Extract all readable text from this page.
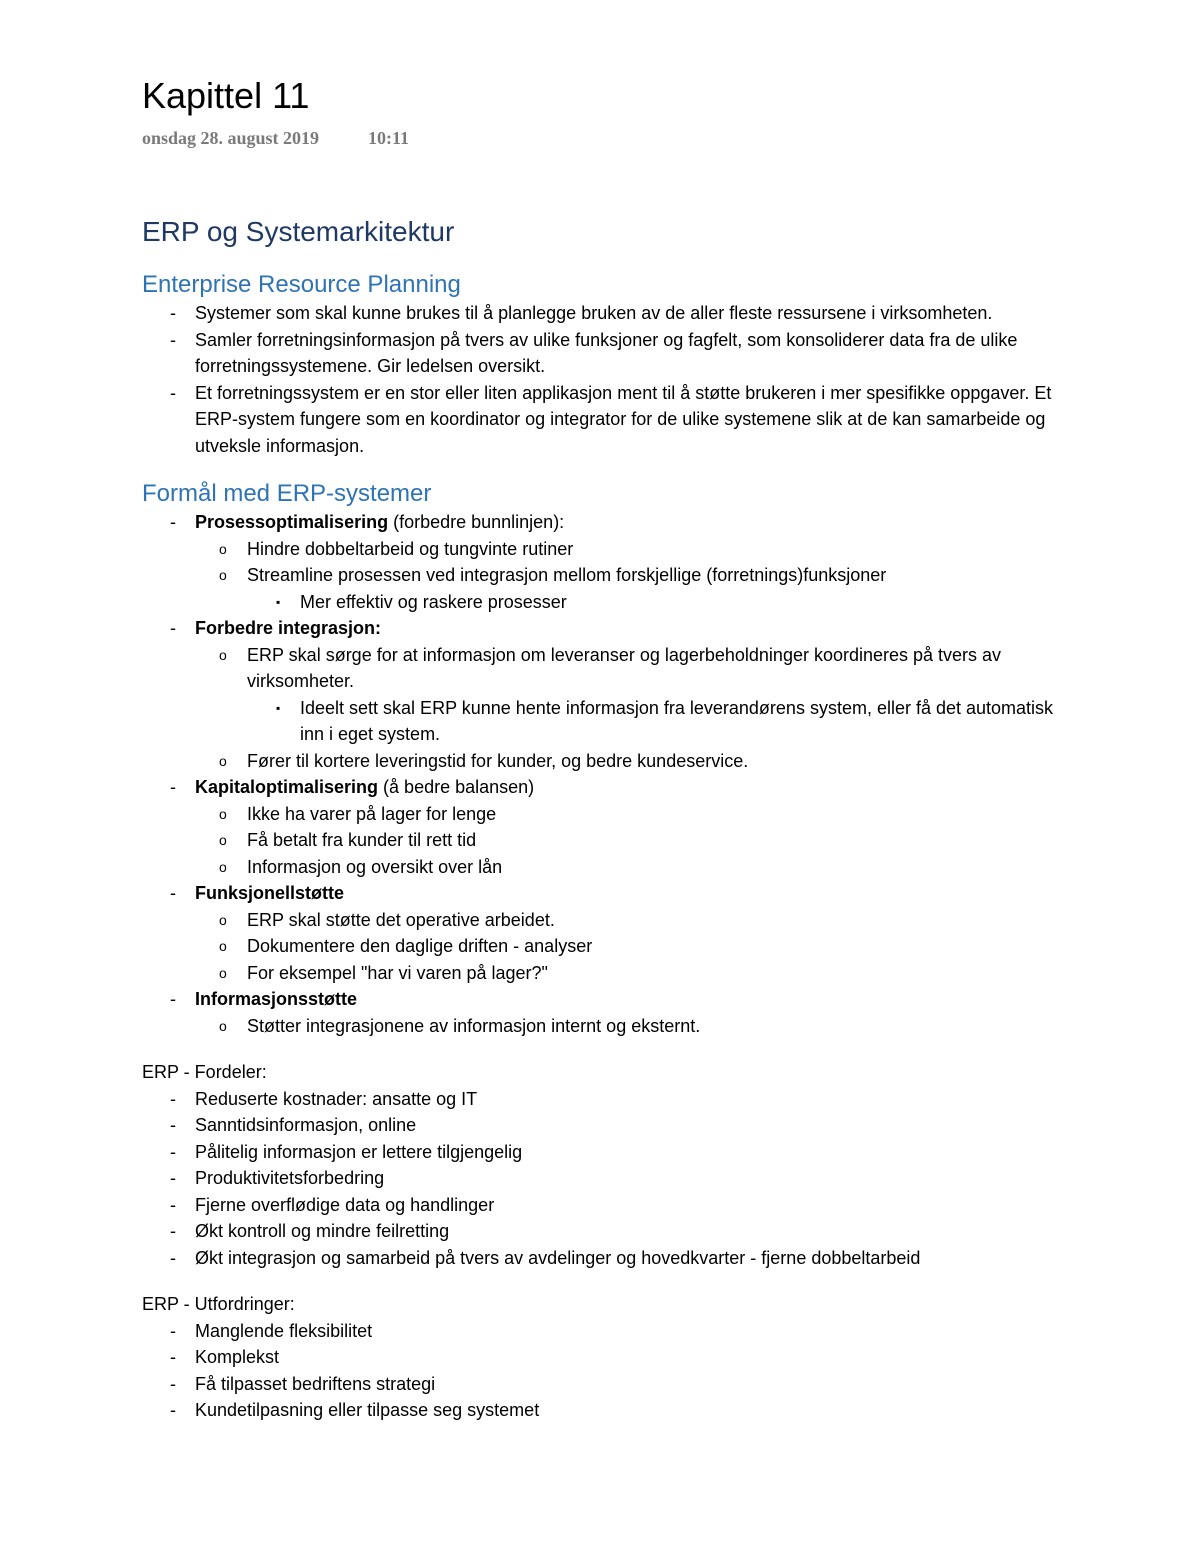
Kapittel 11
onsdag 28. august 2019	10:11
ERP og Systemarkitektur
Enterprise Resource Planning
-	Systemer som skal kunne brukes til å planlegge bruken av de aller fleste ressursene i virksomheten.
-	Samler forretningsinformasjon på tvers av ulike funksjoner og fagfelt, som konsoliderer data fra de ulike forretningssystemene. Gir ledelsen oversikt.
-	Et forretningssystem er en stor eller liten applikasjon ment til å støtte brukeren i mer spesifikke oppgaver. Et ERP-system fungere som en koordinator og integrator for de ulike systemene slik at de kan samarbeide og utveksle informasjon.
Formål med ERP-systemer
-	Prosessoptimalisering (forbedre bunnlinjen):
o	Hindre dobbeltarbeid og tungvinte rutiner
o	Streamline prosessen ved integrasjon mellom forskjellige (forretnings)funksjoner
▪	Mer effektiv og raskere prosesser
-	Forbedre integrasjon:
o	ERP skal sørge for at informasjon om leveranser og lagerbeholdninger koordineres på tvers av virksomheter.
▪	Ideelt sett skal ERP kunne hente informasjon fra leverandørens system, eller få det automatisk inn i eget system.
o	Fører til kortere leveringstid for kunder, og bedre kundeservice.
-	Kapitaloptimalisering (å bedre balansen)
o	Ikke ha varer på lager for lenge
o	Få betalt fra kunder til rett tid
o	Informasjon og oversikt over lån
-	Funksjonellstøtte
o	ERP skal støtte det operative arbeidet.
o	Dokumentere den daglige driften - analyser
o	For eksempel "har vi varen på lager?"
-	Informasjonsstøtte
o	Støtter integrasjonene av informasjon internt og eksternt.
ERP - Fordeler:
-	Reduserte kostnader: ansatte og IT
-	Sanntidsinformasjon, online
-	Pålitelig informasjon er lettere tilgjengelig
-	Produktivitetsforbedring
-	Fjerne overflødige data og handlinger
-	Økt kontroll og mindre feilretting
-	Økt integrasjon og samarbeid på tvers av avdelinger og hovedkvarter - fjerne dobbeltarbeid
ERP - Utfordringer:
-	Manglende fleksibilitet
-	Komplekst
-	Få tilpasset bedriftens strategi
-	Kundetilpasning eller tilpasse seg systemet
